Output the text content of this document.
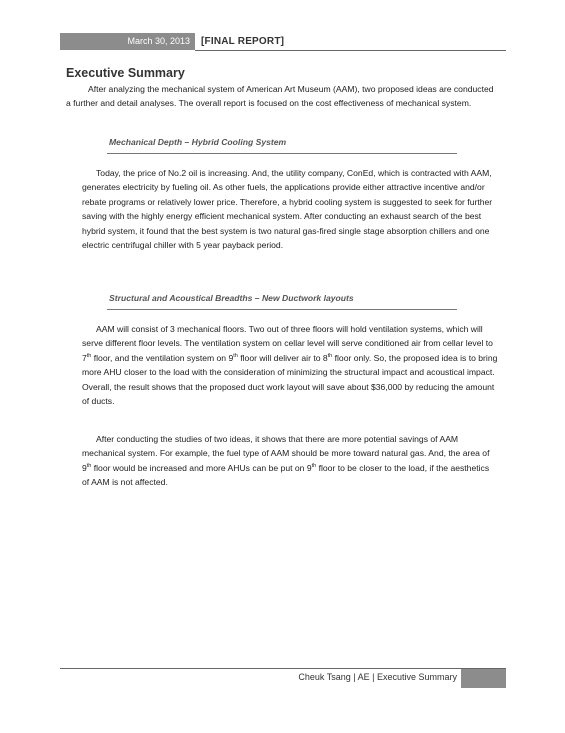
March 30, 2013	[FINAL REPORT]
Executive Summary

After analyzing the mechanical system of American Art Museum (AAM), two proposed ideas are conducted a further and detail analyses. The overall report is focused on the cost effectiveness of mechanical system.

Mechanical Depth – Hybrid Cooling System

Today, the price of No.2 oil is increasing. And, the utility company, ConEd, which is contracted with AAM, generates electricity by fueling oil. As other fuels, the applications provide either attractive incentive and/or rebate programs or relatively lower price. Therefore, a hybrid cooling system is suggested to seek for further saving with the highly energy efficient mechanical system. After conducting an exhaust search of the best hybrid system, it found that the best system is two natural gas-fired single stage absorption chillers and one electric centrifugal chiller with 5 year payback period.

Structural and Acoustical Breadths – New Ductwork layouts

AAM will consist of 3 mechanical floors. Two out of three floors will hold ventilation systems, which will serve different floor levels. The ventilation system on cellar level will serve conditioned air from cellar level to 7th floor, and the ventilation system on 9th floor will deliver air to 8th floor only. So, the proposed idea is to bring more AHU closer to the load with the consideration of minimizing the structural impact and acoustical impact. Overall, the result shows that the proposed duct work layout will save about $36,000 by reducing the amount of ducts.

After conducting the studies of two ideas, it shows that there are more potential savings of AAM mechanical system. For example, the fuel type of AAM should be more toward natural gas. And, the area of 9th floor would be increased and more AHUs can be put on 9th floor to be closer to the load, if the aesthetics of AAM is not affected.

Cheuk Tsang | AE | Executive Summary
